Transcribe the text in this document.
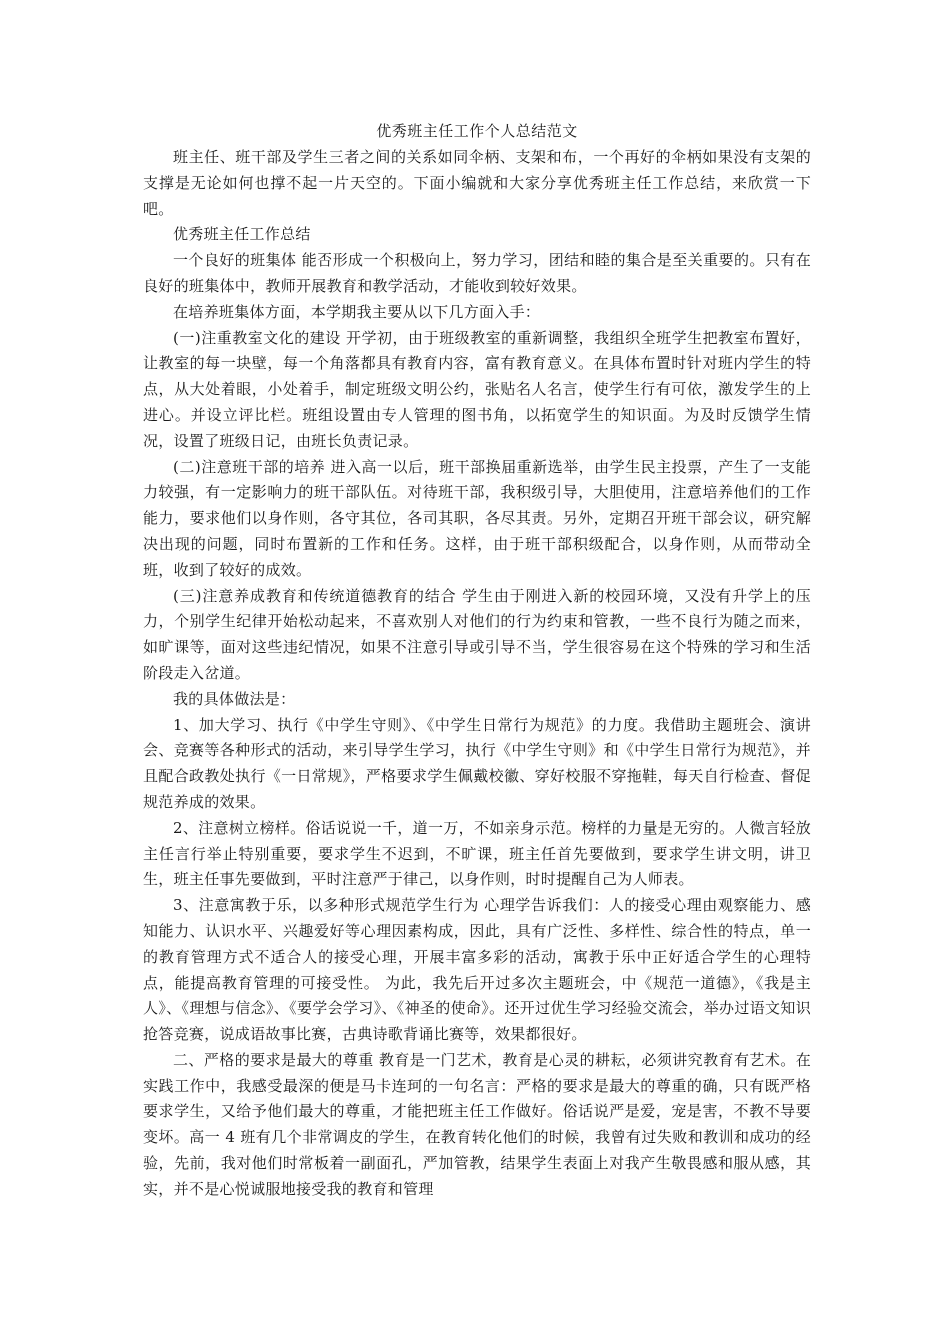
优秀班主任工作个人总结范文

班主任、班干部及学生三者之间的关系如同伞柄、支架和布，一个再好的伞柄如果没有支架的支撑是无论如何也撑不起一片天空的。下面小编就和大家分享优秀班主任工作总结，来欣赏一下吧。

优秀班主任工作总结

一个良好的班集体 能否形成一个积极向上，努力学习，团结和睦的集合是至关重要的。只有在良好的班集体中，教师开展教育和教学活动，才能收到较好效果。

在培养班集体方面，本学期我主要从以下几方面入手：

(一)注重教室文化的建设 开学初，由于班级教室的重新调整，我组织全班学生把教室布置好，让教室的每一块壁，每一个角落都具有教育内容，富有教育意义。在具体布置时针对班内学生的特点，从大处着眼，小处着手，制定班级文明公约，张贴名人名言，使学生行有可依，激发学生的上进心。并设立评比栏。班组设置由专人管理的图书角，以拓宽学生的知识面。为及时反馈学生情况，设置了班级日记，由班长负责记录。

(二)注意班干部的培养 进入高一以后，班干部换届重新选举，由学生民主投票，产生了一支能力较强，有一定影响力的班干部队伍。对待班干部，我积级引导，大胆使用，注意培养他们的工作能力，要求他们以身作则，各守其位，各司其职，各尽其责。另外，定期召开班干部会议，研究解决出现的问题，同时布置新的工作和任务。这样，由于班干部积级配合，以身作则，从而带动全班，收到了较好的成效。

(三)注意养成教育和传统道德教育的结合 学生由于刚进入新的校园环境，又没有升学上的压力，个别学生纪律开始松动起来，不喜欢别人对他们的行为约束和管教，一些不良行为随之而来，如旷课等，面对这些违纪情况，如果不注意引导或引导不当，学生很容易在这个特殊的学习和生活阶段走入岔道。

我的具体做法是：

1、加大学习、执行《中学生守则》、《中学生日常行为规范》的力度。我借助主题班会、演讲会、竞赛等各种形式的活动，来引导学生学习，执行《中学生守则》和《中学生日常行为规范》，并且配合政教处执行《一日常规》，严格要求学生佩戴校徽、穿好校服不穿拖鞋，每天自行检查、督促规范养成的效果。

2、注意树立榜样。俗话说说一千，道一万，不如亲身示范。榜样的力量是无穷的。人微言轻放主任言行举止特别重要，要求学生不迟到，不旷课，班主任首先要做到，要求学生讲文明，讲卫生，班主任事先要做到，平时注意严于律己，以身作则，时时提醒自己为人师表。

3、注意寓教于乐，以多种形式规范学生行为 心理学告诉我们：人的接受心理由观察能力、感知能力、认识水平、兴趣爱好等心理因素构成，因此，具有广泛性、多样性、综合性的特点，单一的教育管理方式不适合人的接受心理，开展丰富多彩的活动，寓教于乐中正好适合学生的心理特点，能提高教育管理的可接受性。 为此，我先后开过多次主题班会，中《规范一道德》，《我是主人》、《理想与信念》、《要学会学习》、《神圣的使命》。还开过优生学习经验交流会，举办过语文知识抢答竞赛，说成语故事比赛，古典诗歌背诵比赛等，效果都很好。

二、严格的要求是最大的尊重 教育是一门艺术，教育是心灵的耕耘，必须讲究教育有艺术。在实践工作中，我感受最深的便是马卡连珂的一句名言：严格的要求是最大的尊重的确，只有既严格要求学生，又给予他们最大的尊重，才能把班主任工作做好。俗话说严是爱，宠是害，不教不导要变坏。高一 4 班有几个非常调皮的学生，在教育转化他们的时候，我曾有过失败和教训和成功的经验，先前，我对他们时常板着一副面孔，严加管教，结果学生表面上对我产生敬畏感和服从感，其实，并不是心悦诚服地接受我的教育和管理
